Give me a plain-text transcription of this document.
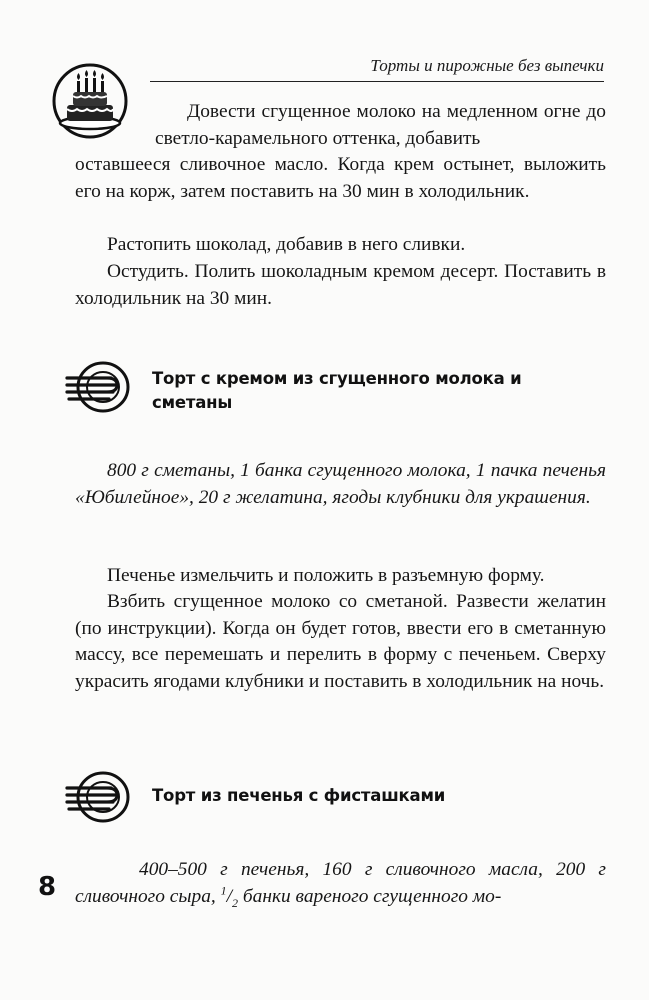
Торты и пирожные без выпечки

Довести сгущенное молоко на медленном огне до светло-карамельного оттенка, добавить

оставшееся сливочное масло. Когда крем остынет, выложить его на корж, затем поставить на 30 мин в холодильник.

Растопить шоколад, добавив в него сливки.

Остудить. Полить шоколадным кремом десерт. Поставить в холодильник на 30 мин.

Торт с кремом из сгущенного молока и сметаны

800 г сметаны, 1 банка сгущенного молока, 1 пачка печенья «Юбилейное», 20 г желатина, ягоды клубники для украшения.

Печенье измельчить и положить в разъемную форму.

Взбить сгущенное молоко со сметаной. Развести желатин (по инструкции). Когда он будет готов, ввести его в сметанную массу, все перемешать и перелить в форму с печеньем. Сверху украсить ягодами клубники и поставить в холодильник на ночь.

Торт из печенья с фисташками

400–500 г печенья, 160 г сливочного масла, 200 г сливочного сыра, $^1/_2$ банки вареного сгущенного мо-

8
